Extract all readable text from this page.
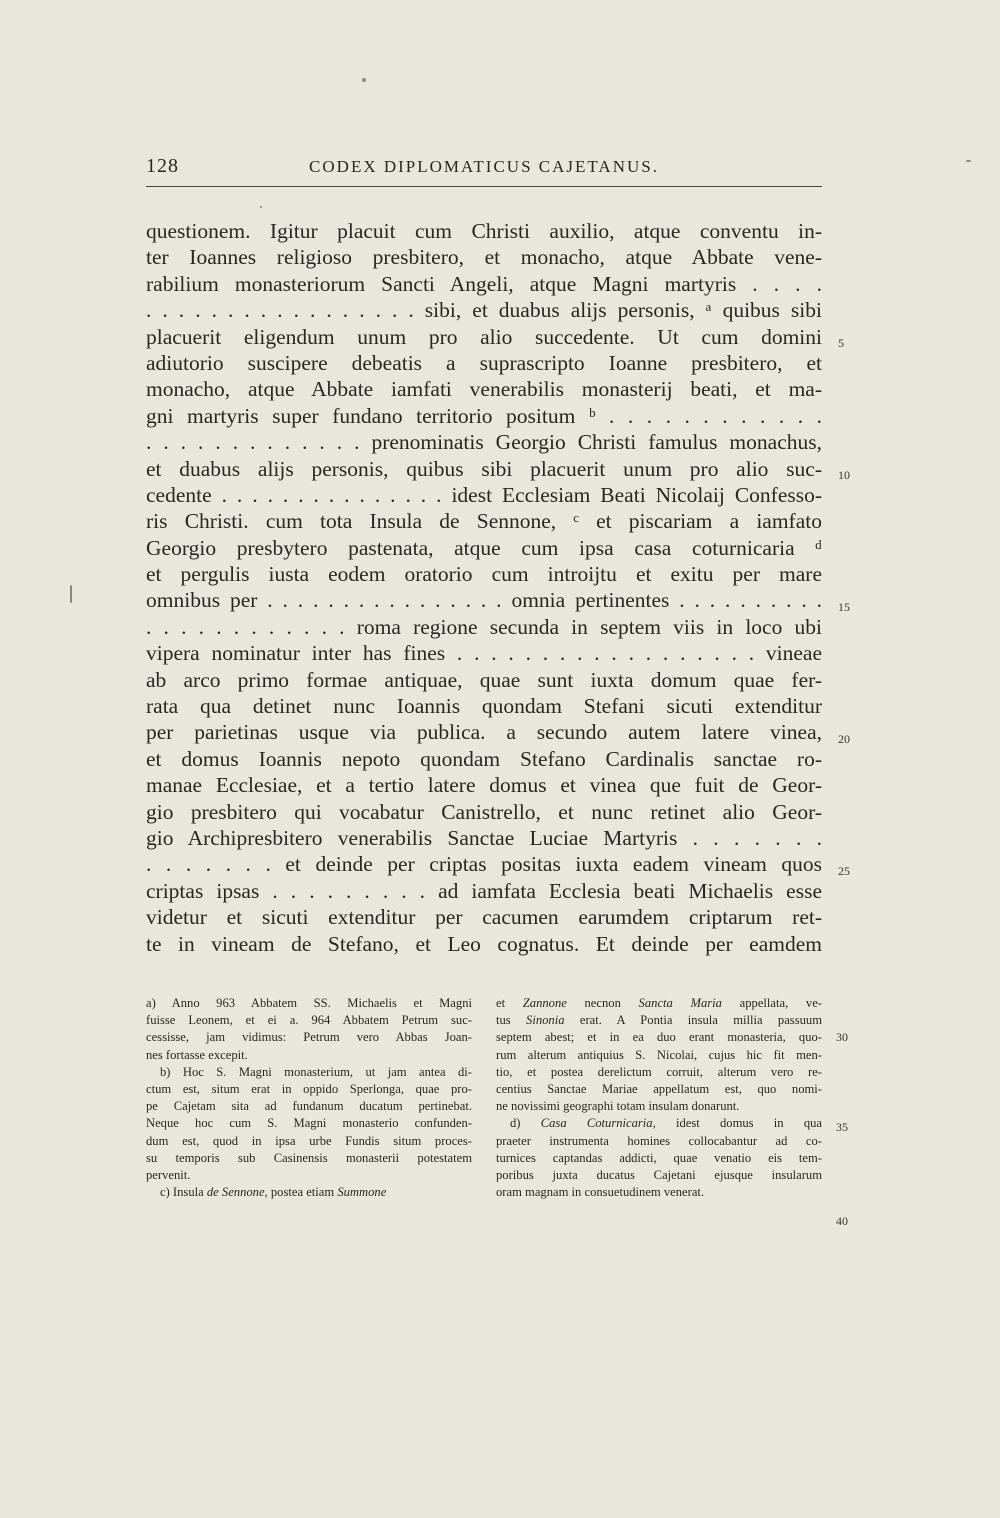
128	CODEX DIPLOMATICUS CAJETANUS.
questionem. Igitur placuit cum Christi auxilio, atque conventu in-
ter Ioannes religioso presbitero, et monacho, atque Abbate vene-
rabilium monasteriorum Sancti Angeli, atque Magni martyris . . . .
. . . . . . . . . . . . . . . . . sibi, et duabus alijs personis, ᵃ quibus sibi
placuerit eligendum unum pro alio succedente. Ut cum domini
adiutorio suscipere debeatis a suprascripto Ioanne presbitero, et
monacho, atque Abbate iamfati venerabilis monasterij beati, et ma-
gni martyris super fundano territorio positum ᵇ . . . . . . . . . . . .
. . . . . . . . . . . . . prenominatis Georgio Christi famulus monachus,
et duabus alijs personis, quibus sibi placuerit unum pro alio suc-
cedente . . . . . . . . . . . . . . . idest Ecclesiam Beati Nicolaij Confesso-
ris Christi. cum tota Insula de Sennone, ᶜ et piscariam a iamfato
Georgio presbytero pastenata, atque cum ipsa casa coturnicaria ᵈ
et pergulis iusta eodem oratorio cum introijtu et exitu per mare
omnibus per . . . . . . . . . . . . . . . . omnia pertinentes . . . . . . . . . .
. . . . . . . . . . . . roma regione secunda in septem viis in loco ubi
vipera nominatur inter has fines . . . . . . . . . . . . . . . . . . vineae
ab arco primo formae antiquae, quae sunt iuxta domum quae fer-
rata qua detinet nunc Ioannis quondam Stefani sicuti extenditur
per parietinas usque via publica. a secundo autem latere vinea,
et domus Ioannis nepoto quondam Stefano Cardinalis sanctae ro-
manae Ecclesiae, et a tertio latere domus et vinea que fuit de Geor-
gio presbitero qui vocabatur Canistrello, et nunc retinet alio Geor-
gio Archipresbitero venerabilis Sanctae Luciae Martyris . . . . . . .
. . . . . . . et deinde per criptas positas iuxta eadem vineam quos
criptas ipsas . . . . . . . . . ad iamfata Ecclesia beati Michaelis esse
videtur et sicuti extenditur per cacumen earumdem criptarum ret-
te in vineam de Stefano, et Leo cognatus. Et deinde per eamdem
5
10
15
20
25
a) Anno 963 Abbatem SS. Michaelis et Magni
fuisse Leonem, et ei a. 964 Abbatem Petrum suc-
cessisse, jam vidimus: Petrum vero Abbas Joan-
nes fortasse excepit.
b) Hoc S. Magni monasterium, ut jam antea di-
ctum est, situm erat in oppido Sperlonga, quae pro-
pe Cajetam sita ad fundanum ducatum pertinebat.
Neque hoc cum S. Magni monasterio confunden-
dum est, quod in ipsa urbe Fundis situm proces-
su temporis sub Casinensis monasterii potestatem
pervenit.
c) Insula de Sennone, postea etiam Summone
et Zannone necnon Sancta Maria appellata, ve-
tus Sinonia erat. A Pontia insula millia passuum
septem abest; et in ea duo erant monasteria, quo-
rum alterum antiquius S. Nicolai, cujus hic fit men-
tio, et postea derelictum corruit, alterum vero re-
centius Sanctae Mariae appellatum est, quo nomi-
ne novissimi geographi totam insulam donarunt.
d) Casa Coturnicaria, idest domus in qua
praeter instrumenta homines collocabantur ad co-
turnices captandas addicti, quae venatio eis tem-
poribus juxta ducatus Cajetani ejusque insularum
oram magnam in consuetudinem venerat.
30
35
40
